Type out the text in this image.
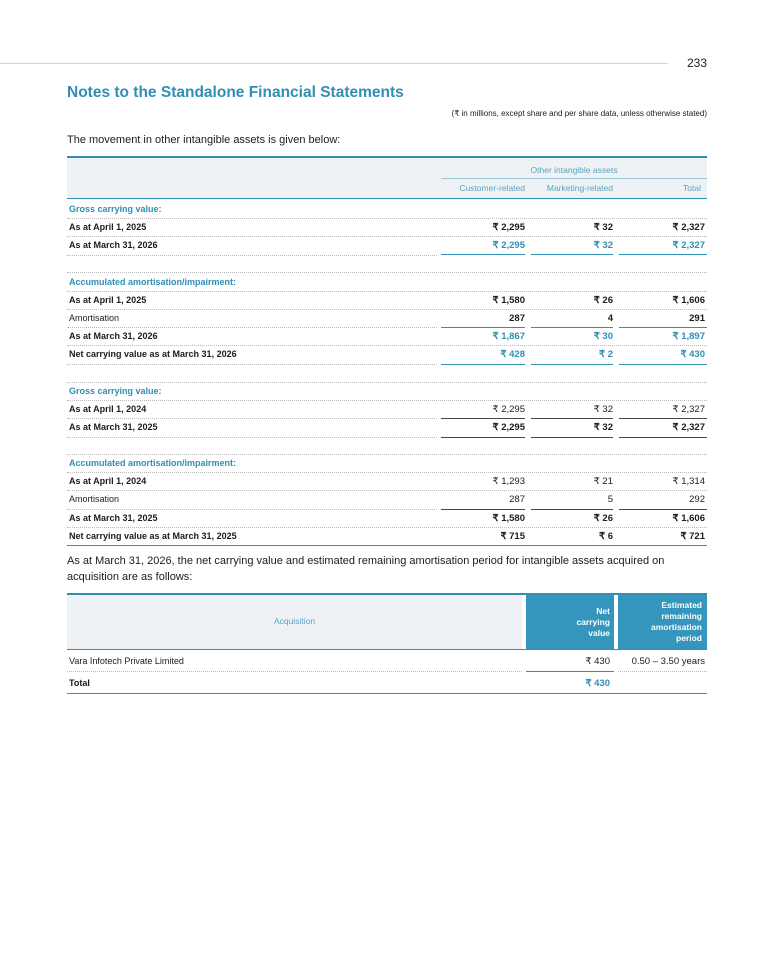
233
Notes to the Standalone Financial Statements
(₹ in millions, except share and per share data, unless otherwise stated)
The movement in other intangible assets is given below:
Other intangible assets
Customer-related	Marketing-related	Total
Gross carrying value:
As at April 1, 2025	₹ 2,295	₹ 32	₹ 2,327
As at March 31, 2026	₹ 2,295	₹ 32	₹ 2,327
Accumulated amortisation/impairment:
As at April 1, 2025	₹ 1,580	₹ 26	₹ 1,606
Amortisation	287	4	291
As at March 31, 2026	₹ 1,867	₹ 30	₹ 1,897
Net carrying value as at March 31, 2026	₹ 428	₹ 2	₹ 430
Gross carrying value:
As at April 1, 2024	₹ 2,295	₹ 32	₹ 2,327
As at March 31, 2025	₹ 2,295	₹ 32	₹ 2,327
Accumulated amortisation/impairment:
As at April 1, 2024	₹ 1,293	₹ 21	₹ 1,314
Amortisation	287	5	292
As at March 31, 2025	₹ 1,580	₹ 26	₹ 1,606
Net carrying value as at March 31, 2025	₹ 715	₹ 6	₹ 721
As at March 31, 2026, the net carrying value and estimated remaining amortisation period for intangible assets acquired on acquisition are as follows:
Acquisition
Net
carrying
value
Estimated
remaining
amortisation
period
Vara Infotech Private Limited	₹ 430	0.50 – 3.50 years
Total	₹ 430
